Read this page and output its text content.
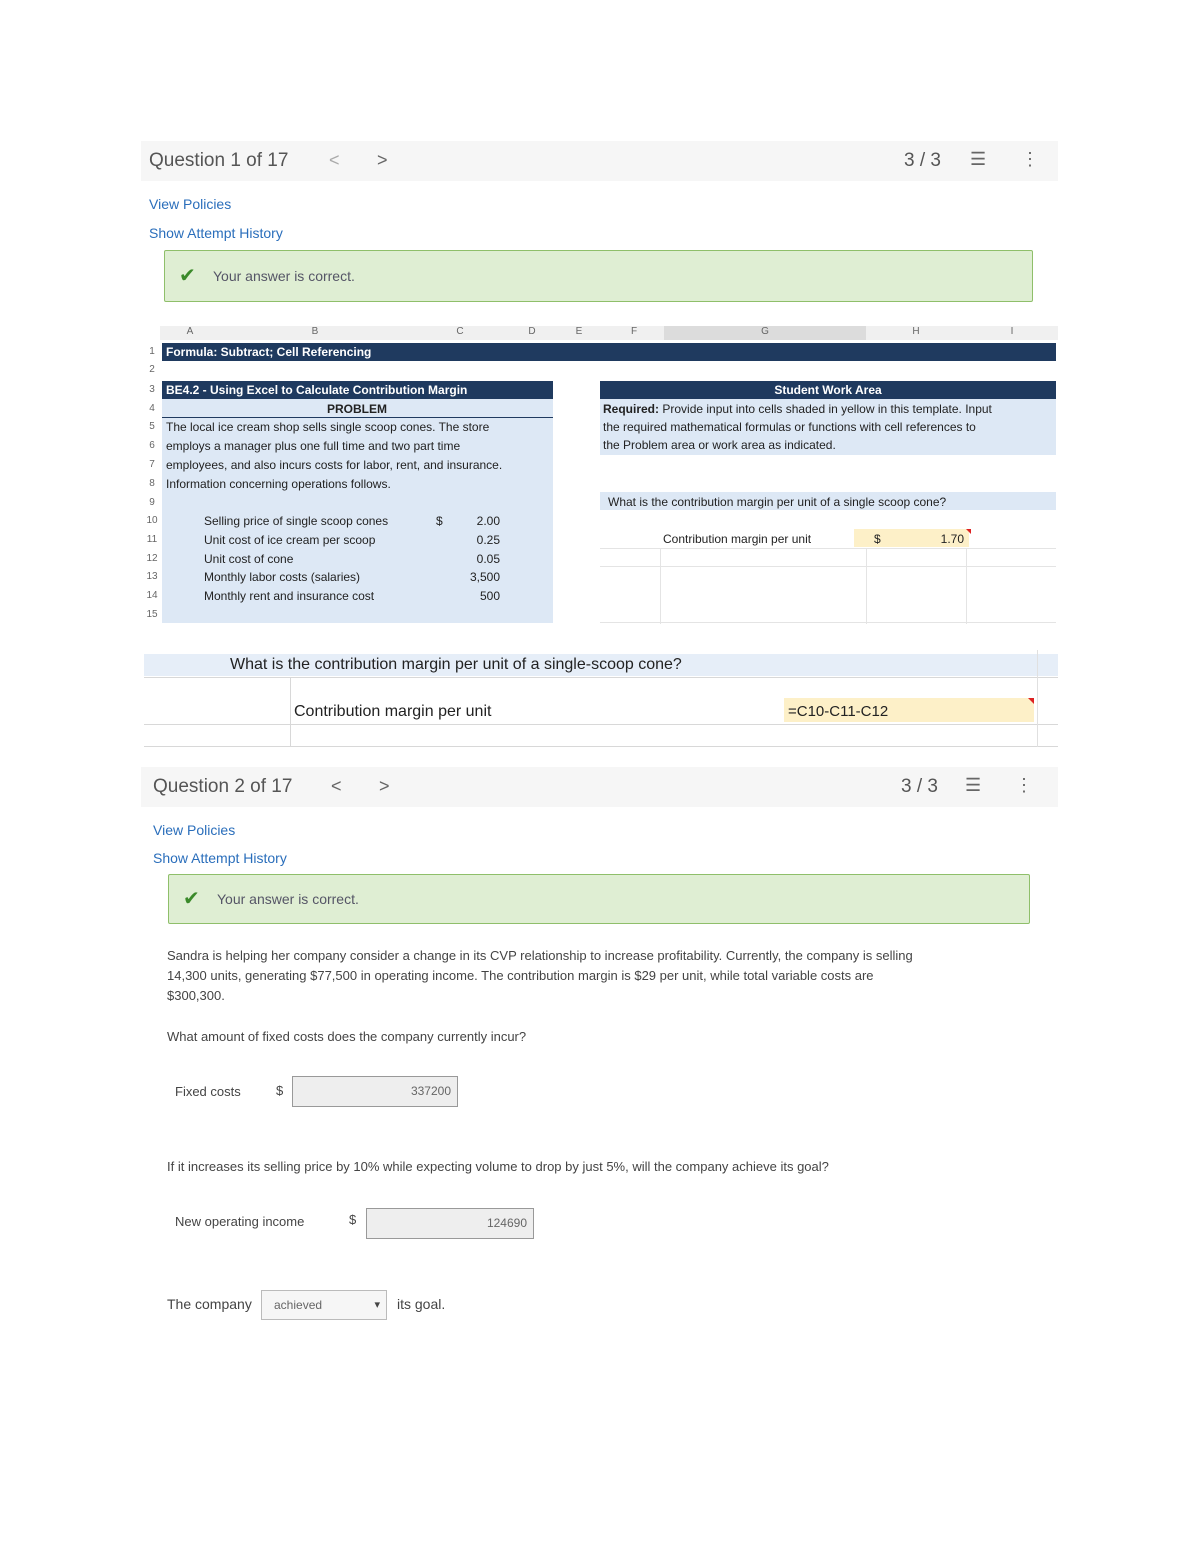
Question 1 of 17 < >	3 / 3 ☰ ⋮
View Policies
Show Attempt History
✔ Your answer is correct.
A	B	C	D	E	F	G	H	I
1
2
3
4
5
6
7
8
9
10
11
12
13
14
15
Formula: Subtract; Cell Referencing
BE4.2 - Using Excel to Calculate Contribution Margin
PROBLEM
The local ice cream shop sells single scoop cones. The store
employs a manager plus one full time and two part time
employees, and also incurs costs for labor, rent, and insurance.
Information concerning operations follows.
Selling price of single scoop cones	$	2.00
Unit cost of ice cream per scoop	0.25
Unit cost of cone	0.05
Monthly labor costs (salaries)	3,500
Monthly rent and insurance cost	500
Student Work Area
Required: Provide input into cells shaded in yellow in this template. Input
the required mathematical formulas or functions with cell references to
the Problem area or work area as indicated.
What is the contribution margin per unit of a single scoop cone?
Contribution margin per unit	$	1.70
What is the contribution margin per unit of a single-scoop cone?
Contribution margin per unit	=C10-C11-C12
Question 2 of 17 < >	3 / 3 ☰ ⋮
View Policies
Show Attempt History
✔ Your answer is correct.
Sandra is helping her company consider a change in its CVP relationship to increase profitability. Currently, the company is selling
14,300 units, generating $77,500 in operating income. The contribution margin is $29 per unit, while total variable costs are
$300,300.
What amount of fixed costs does the company currently incur?
Fixed costs	$	337200
If it increases its selling price by 10% while expecting volume to drop by just 5%, will the company achieve its goal?
New operating income	$	124690
The company	achieved	▾ its goal.
